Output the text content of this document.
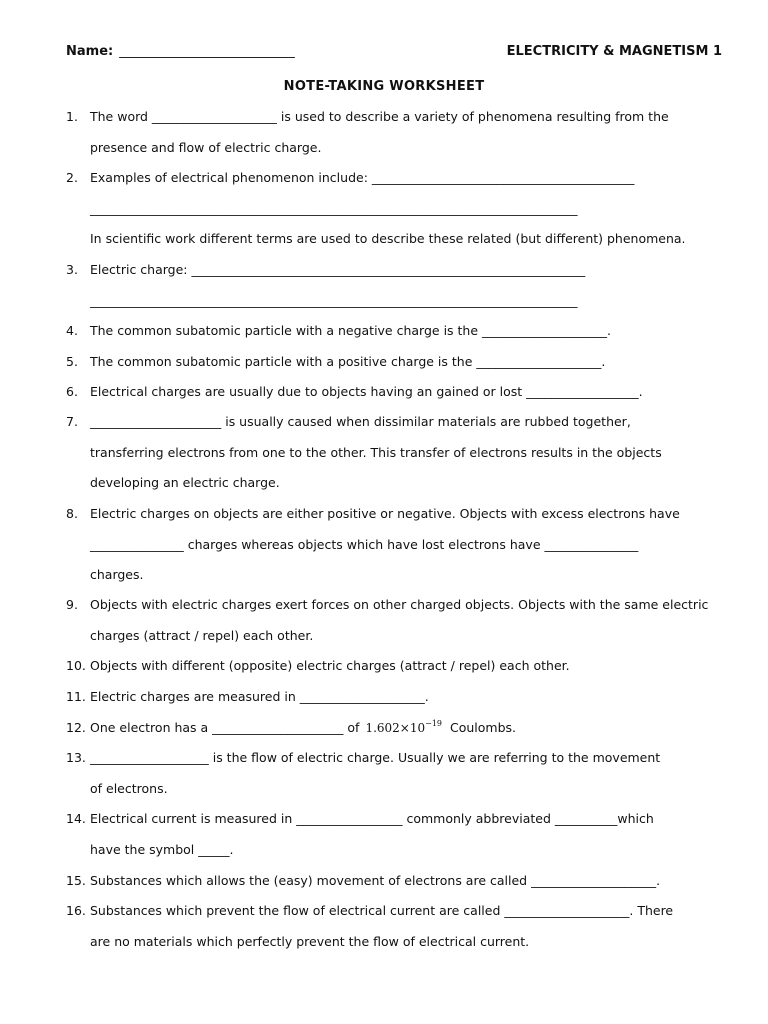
Name: ___________________________	ELECTRICITY & MAGNETISM 1
NOTE-TAKING WORKSHEET
1. The word ____________________ is used to describe a variety of phenomena resulting from the
presence and flow of electric charge.
2. Examples of electrical phenomenon include: __________________________________________
______________________________________________________________________________
In scientific work different terms are used to describe these related (but different) phenomena.
3. Electric charge: _______________________________________________________________
______________________________________________________________________________
4. The common subatomic particle with a negative charge is the ____________________.
5. The common subatomic particle with a positive charge is the ____________________.
6. Electrical charges are usually due to objects having an gained or lost __________________.
7. _____________________ is usually caused when dissimilar materials are rubbed together,
transferring electrons from one to the other. This transfer of electrons results in the objects
developing an electric charge.
8. Electric charges on objects are either positive or negative. Objects with excess electrons have
_______________ charges whereas objects which have lost electrons have _______________
charges.
9. Objects with electric charges exert forces on other charged objects. Objects with the same electric
charges (attract / repel) each other.
10. Objects with different (opposite) electric charges (attract / repel) each other.
11. Electric charges are measured in ____________________.
12. One electron has a _____________________ of $1.602\times 10^{-19}$ Coulombs.
13. ___________________ is the flow of electric charge. Usually we are referring to the movement
of electrons.
14. Electrical current is measured in _________________ commonly abbreviated __________which
have the symbol _____.
15. Substances which allows the (easy) movement of electrons are called ____________________.
16. Substances which prevent the flow of electrical current are called ____________________. There
are no materials which perfectly prevent the flow of electrical current.
